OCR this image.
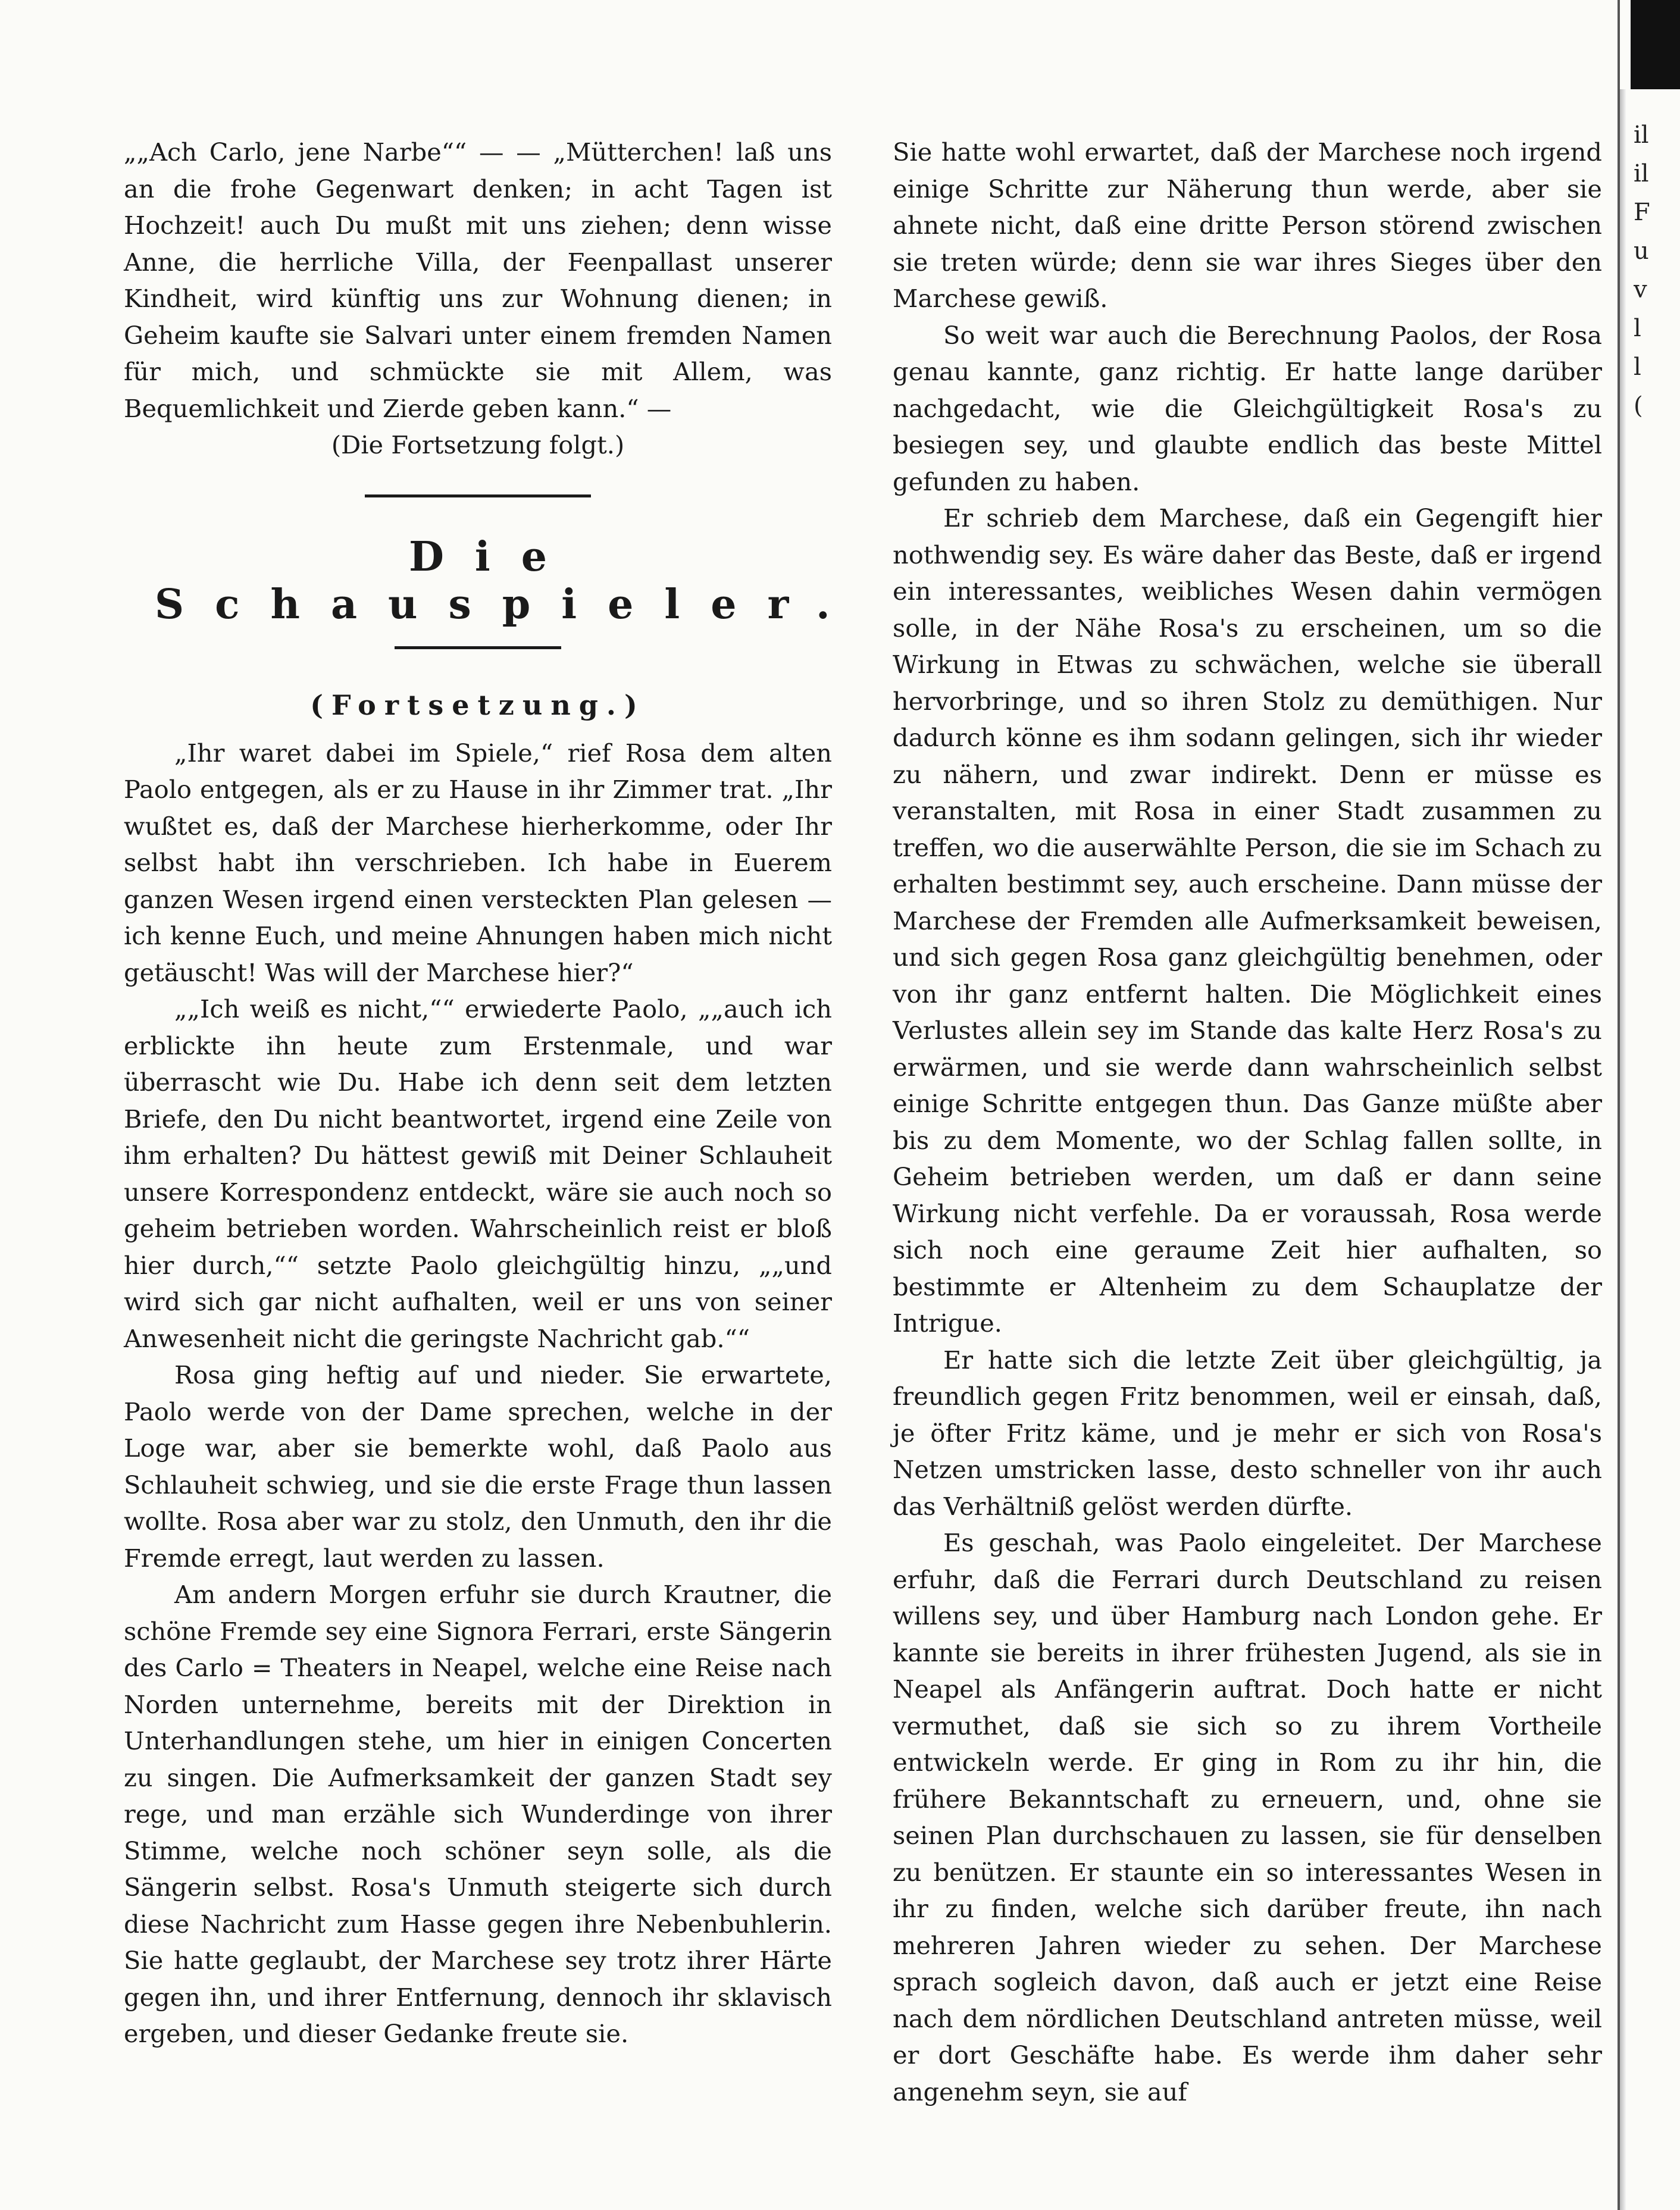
„„Ach Carlo, jene Narbe““ — — „Mütterchen! laß uns an die frohe Gegenwart denken; in acht Tagen ist Hochzeit! auch Du mußt mit uns ziehen; denn wisse Anne, die herrliche Villa, der Feenpallast unserer Kindheit, wird künftig uns zur Wohnung dienen; in Geheim kaufte sie Salvari unter einem fremden Namen für mich, und schmückte sie mit Allem, was Bequemlichkeit und Zierde geben kann.“ —

(Die Fortsetzung folgt.)

Die Schauspieler.
(Fortsetzung.)

„Ihr waret dabei im Spiele,“ rief Rosa dem alten Paolo entgegen, als er zu Hause in ihr Zimmer trat. „Ihr wußtet es, daß der Marchese hierherkomme, oder Ihr selbst habt ihn verschrieben. Ich habe in Euerem ganzen Wesen irgend einen versteckten Plan gelesen — ich kenne Euch, und meine Ahnungen haben mich nicht getäuscht! Was will der Marchese hier?“

„„Ich weiß es nicht,““ erwiederte Paolo, „„auch ich erblickte ihn heute zum Erstenmale, und war überrascht wie Du. Habe ich denn seit dem letzten Briefe, den Du nicht beantwortet, irgend eine Zeile von ihm erhalten? Du hättest gewiß mit Deiner Schlauheit unsere Korrespondenz entdeckt, wäre sie auch noch so geheim betrieben worden. Wahrscheinlich reist er bloß hier durch,““ setzte Paolo gleichgültig hinzu, „„und wird sich gar nicht aufhalten, weil er uns von seiner Anwesenheit nicht die geringste Nachricht gab.““

Rosa ging heftig auf und nieder. Sie erwartete, Paolo werde von der Dame sprechen, welche in der Loge war, aber sie bemerkte wohl, daß Paolo aus Schlauheit schwieg, und sie die erste Frage thun lassen wollte. Rosa aber war zu stolz, den Unmuth, den ihr die Fremde erregt, laut werden zu lassen.

Am andern Morgen erfuhr sie durch Krautner, die schöne Fremde sey eine Signora Ferrari, erste Sängerin des Carlo = Theaters in Neapel, welche eine Reise nach Norden unternehme, bereits mit der Direktion in Unterhandlungen stehe, um hier in einigen Concerten zu singen. Die Aufmerksamkeit der ganzen Stadt sey rege, und man erzähle sich Wunderdinge von ihrer Stimme, welche noch schöner seyn solle, als die Sängerin selbst. Rosa's Unmuth steigerte sich durch diese Nachricht zum Hasse gegen ihre Nebenbuhlerin. Sie hatte geglaubt, der Marchese sey trotz ihrer Härte gegen ihn, und ihrer Entfernung, dennoch ihr sklavisch ergeben, und dieser Gedanke freute sie.

Sie hatte wohl erwartet, daß der Marchese noch irgend einige Schritte zur Näherung thun werde, aber sie ahnete nicht, daß eine dritte Person störend zwischen sie treten würde; denn sie war ihres Sieges über den Marchese gewiß.

So weit war auch die Berechnung Paolos, der Rosa genau kannte, ganz richtig. Er hatte lange darüber nachgedacht, wie die Gleichgültigkeit Rosa's zu besiegen sey, und glaubte endlich das beste Mittel gefunden zu haben.

Er schrieb dem Marchese, daß ein Gegengift hier nothwendig sey. Es wäre daher das Beste, daß er irgend ein interessantes, weibliches Wesen dahin vermögen solle, in der Nähe Rosa's zu erscheinen, um so die Wirkung in Etwas zu schwächen, welche sie überall hervorbringe, und so ihren Stolz zu demüthigen. Nur dadurch könne es ihm sodann gelingen, sich ihr wieder zu nähern, und zwar indirekt. Denn er müsse es veranstalten, mit Rosa in einer Stadt zusammen zu treffen, wo die auserwählte Person, die sie im Schach zu erhalten bestimmt sey, auch erscheine. Dann müsse der Marchese der Fremden alle Aufmerksamkeit beweisen, und sich gegen Rosa ganz gleichgültig benehmen, oder von ihr ganz entfernt halten. Die Möglichkeit eines Verlustes allein sey im Stande das kalte Herz Rosa's zu erwärmen, und sie werde dann wahrscheinlich selbst einige Schritte entgegen thun. Das Ganze müßte aber bis zu dem Momente, wo der Schlag fallen sollte, in Geheim betrieben werden, um daß er dann seine Wirkung nicht verfehle. Da er voraussah, Rosa werde sich noch eine geraume Zeit hier aufhalten, so bestimmte er Altenheim zu dem Schauplatze der Intrigue.

Er hatte sich die letzte Zeit über gleichgültig, ja freundlich gegen Fritz benommen, weil er einsah, daß, je öfter Fritz käme, und je mehr er sich von Rosa's Netzen umstricken lasse, desto schneller von ihr auch das Verhältniß gelöst werden dürfte.

Es geschah, was Paolo eingeleitet. Der Marchese erfuhr, daß die Ferrari durch Deutschland zu reisen willens sey, und über Hamburg nach London gehe. Er kannte sie bereits in ihrer frühesten Jugend, als sie in Neapel als Anfängerin auftrat. Doch hatte er nicht vermuthet, daß sie sich so zu ihrem Vortheile entwickeln werde. Er ging in Rom zu ihr hin, die frühere Bekanntschaft zu erneuern, und, ohne sie seinen Plan durchschauen zu lassen, sie für denselben zu benützen. Er staunte ein so interessantes Wesen in ihr zu finden, welche sich darüber freute, ihn nach mehreren Jahren wieder zu sehen. Der Marchese sprach sogleich davon, daß auch er jetzt eine Reise nach dem nördlichen Deutschland antreten müsse, weil er dort Geschäfte habe. Es werde ihm daher sehr angenehm seyn, sie auf

il
il
F
u
v
l
l
(
